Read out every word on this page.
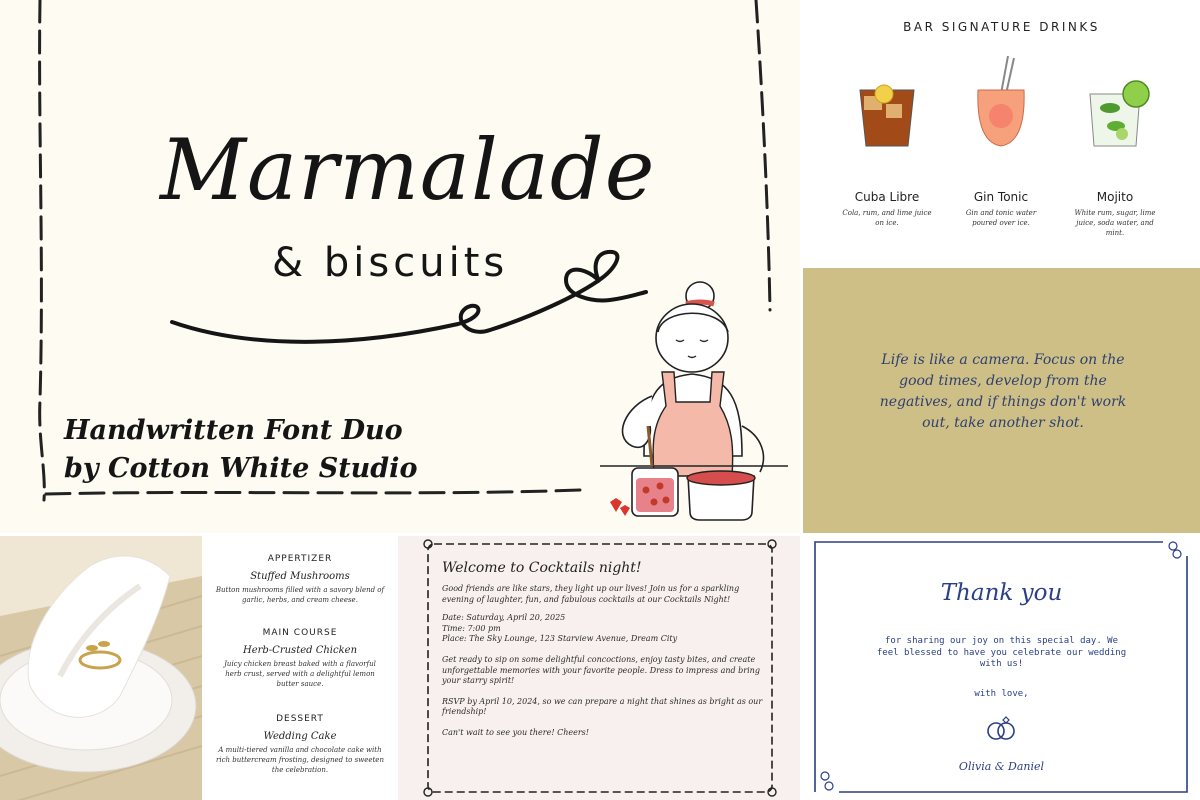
Marmalade
& biscuits
Handwritten Font Duo
by Cotton White Studio
BAR SIGNATURE DRINKS
Cuba Libre
Cola, rum, and lime juice on ice.
Gin Tonic
Gin and tonic water poured over ice.
Mojito
White rum, sugar, lime juice, soda water, and mint.
Life is like a camera. Focus on the good times, develop from the negatives, and if things don't work out, take another shot.
APPERTIZER
Stuffed Mushrooms
Button mushrooms filled with a savory blend of garlic, herbs, and cream cheese.
MAIN COURSE
Herb-Crusted Chicken
Juicy chicken breast baked with a flavorful herb crust, served with a delightful lemon butter sauce.
DESSERT
Wedding Cake
A multi-tiered vanilla and chocolate cake with rich buttercream frosting, designed to sweeten the celebration.
Welcome to Cocktails night!

Good friends are like stars, they light up our lives! Join us for a sparkling evening of laughter, fun, and fabulous cocktails at our Cocktails Night!

Date: Saturday, April 20, 2025
Time: 7:00 pm
Place: The Sky Lounge, 123 Starview Avenue, Dream City

Get ready to sip on some delightful concoctions, enjoy tasty bites, and create unforgettable memories with your favorite people. Dress to impress and bring your starry spirit!

RSVP by April 10, 2024, so we can prepare a night that shines as bright as our friendship!

Can't wait to see you there! Cheers!

Thank you
for sharing our joy on this special day. We feel blessed to have you celebrate our wedding with us!
with love,
Olivia & Daniel
